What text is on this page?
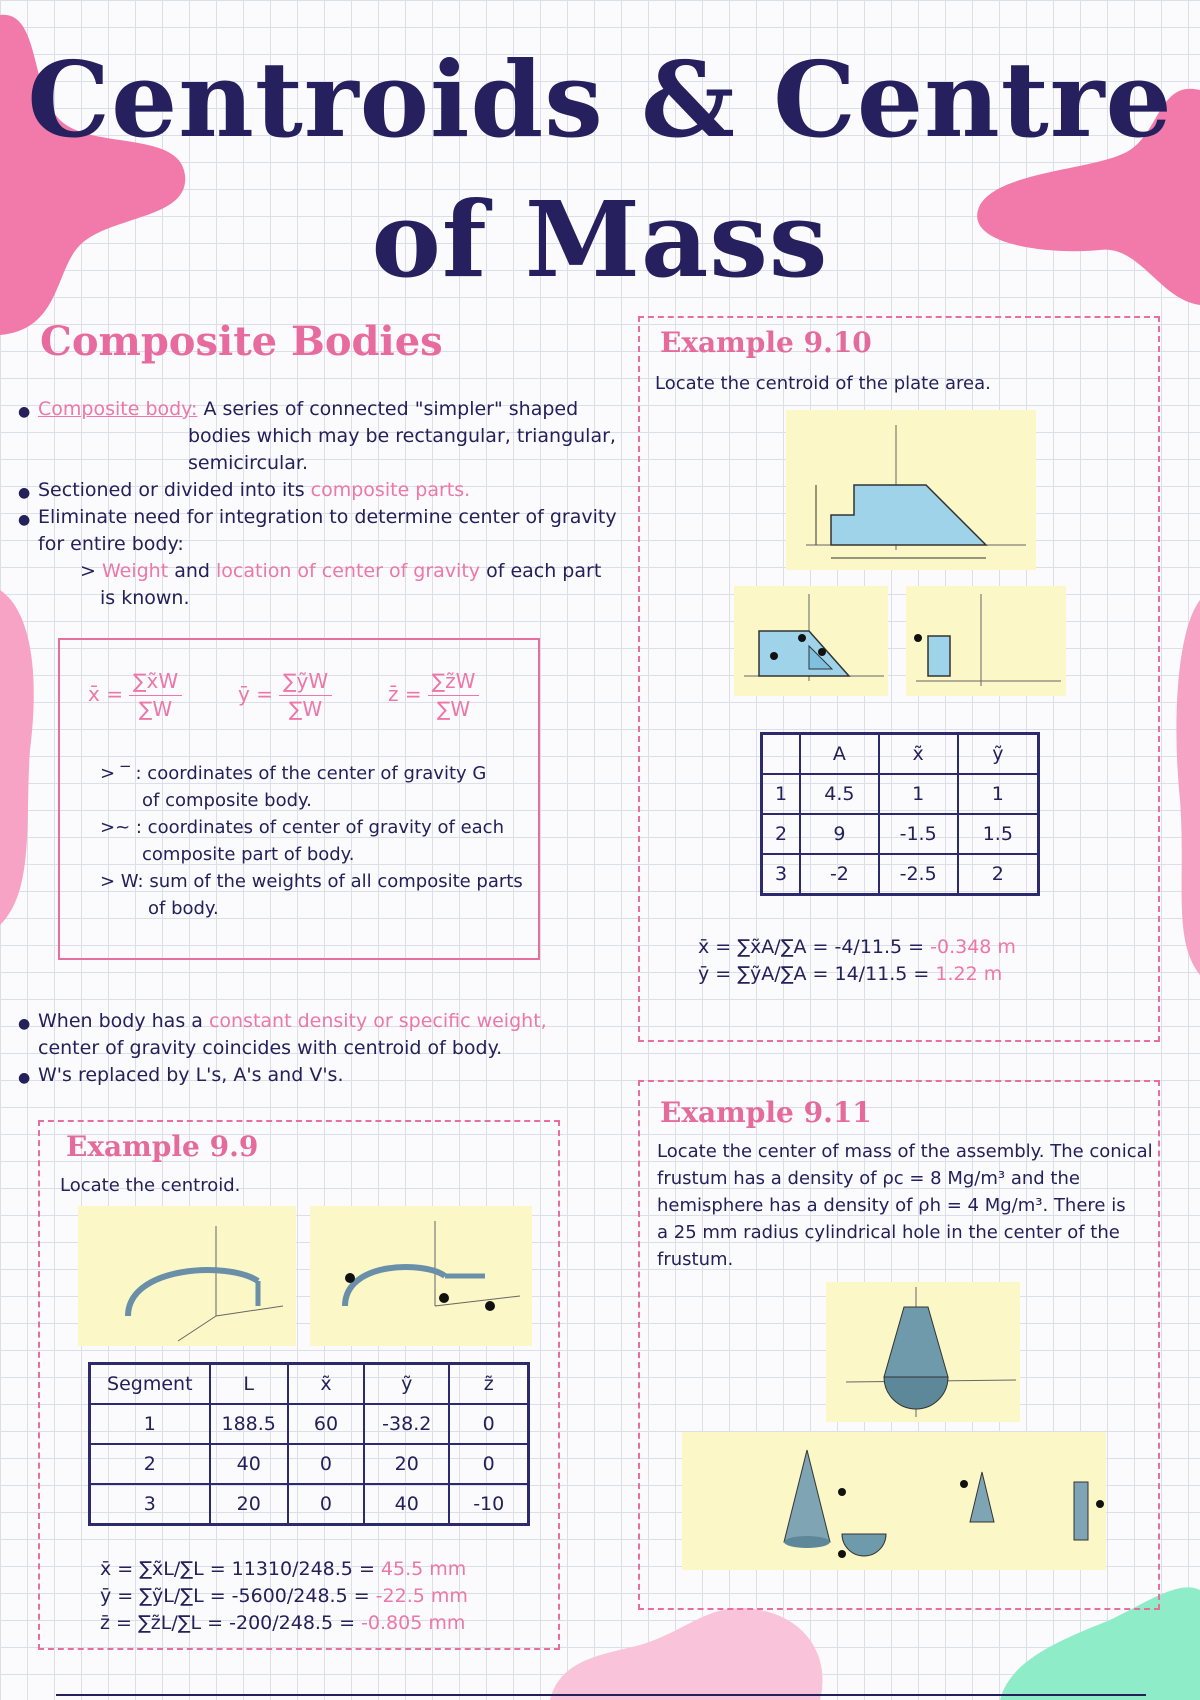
Centroids & Centre
of Mass
Composite Bodies
● Composite body: A series of connected "simpler" shaped
bodies which may be rectangular, triangular,
semicircular.
● Sectioned or divided into its composite parts.
● Eliminate need for integration to determine center of gravity
for entire body:
> Weight and location of center of gravity of each part
is known.
x̄ = $\frac{\sum x̃W}{\sum W}$	ȳ = $\frac{\text{∑ỹW}}{\sum W}$	z̄ = $\frac{\sum z̃W}{\sum W}$
> ‾ : coordinates of the center of gravity G
of composite body.
>~ : coordinates of center of gravity of each
composite part of body.
> W: sum of the weights of all composite parts
of body.
● When body has a constant density or specific weight,
center of gravity coincides with centroid of body.
● W's replaced by L's, A's and V's.
Example 9.9
Locate the centroid.
Segment	L	x̃	ỹ	z̃
1	188.5	60	-38.2	0
2	40	0	20	0
3	20	0	40	-10
x̄ = ∑x̃L/∑L = 11310/248.5 = 45.5 mm
ȳ = ∑ỹL/∑L = -5600/248.5 = -22.5 mm
z̄ = ∑z̃L/∑L = -200/248.5 = -0.805 mm
Example 9.10
Locate the centroid of the plate area.
	A	x̃	ỹ
1	4.5	1	1
2	9	-1.5	1.5
3	-2	-2.5	2
x̄ = ∑x̃A/∑A = -4/11.5 = -0.348 m
ȳ = ∑ỹA/∑A = 14/11.5 = 1.22 m
Example 9.11
Locate the center of mass of the assembly. The conical
frustum has a density of ρc = 8 Mg/m³ and the
hemisphere has a density of ρh = 4 Mg/m³. There is
a 25 mm radius cylindrical hole in the center of the
frustum.
